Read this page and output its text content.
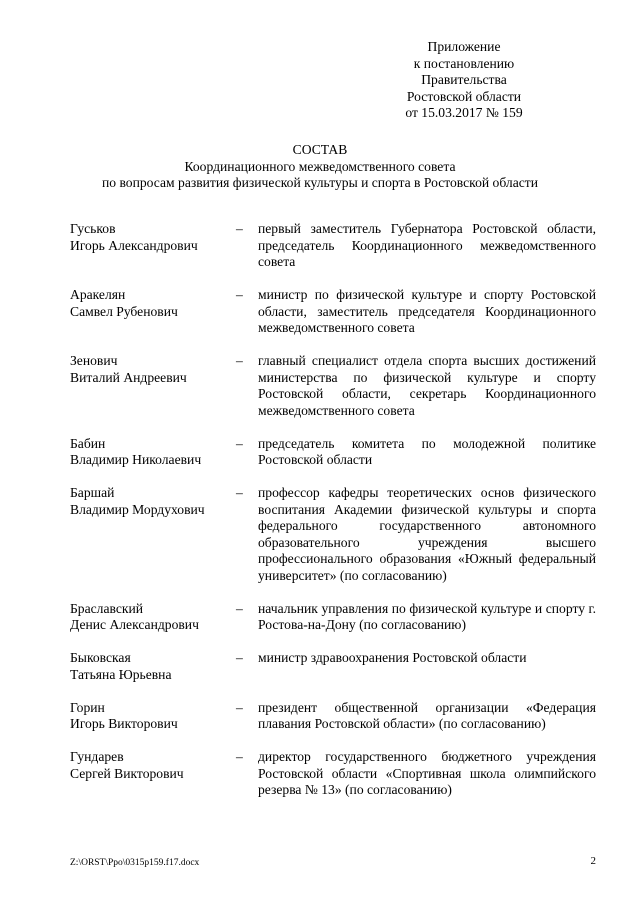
Приложение
к постановлению
Правительства
Ростовской области
от 15.03.2017 № 159
СОСТАВ
Координационного межведомственного совета
по вопросам развития физической культуры и спорта в Ростовской области
Гуськов
Игорь Александрович
–	первый заместитель Губернатора Ростовской области, председатель Координационного межведомственного совета
Аракелян
Самвел Рубенович
–	министр по физической культуре и спорту Ростовской области, заместитель председателя Координационного межведомственного совета
Зенович
Виталий Андреевич
–	главный специалист отдела спорта высших достижений министерства по физической культуре и спорту Ростовской области, секретарь Координационного межведомственного совета
Бабин
Владимир Николаевич
–	председатель комитета по молодежной политике Ростовской области
Баршай
Владимир Мордухович
–	профессор кафедры теоретических основ физического воспитания Академии физической культуры и спорта федерального государственного автономного образовательного учреждения высшего профессионального образования «Южный федеральный университет» (по согласованию)
Браславский
Денис Александрович
–	начальник управления по физической культуре и спорту г. Ростова-на-Дону (по согласованию)
Быковская
Татьяна Юрьевна
–	министр здравоохранения Ростовской области
Горин
Игорь Викторович
–	президент общественной организации «Федерация плавания Ростовской области» (по согласованию)
Гундарев
Сергей Викторович
–	директор государственного бюджетного учреждения Ростовской области «Спортивная школа олимпийского резерва № 13» (по согласованию)
Z:\ORST\Ppo\0315p159.f17.docx	2
